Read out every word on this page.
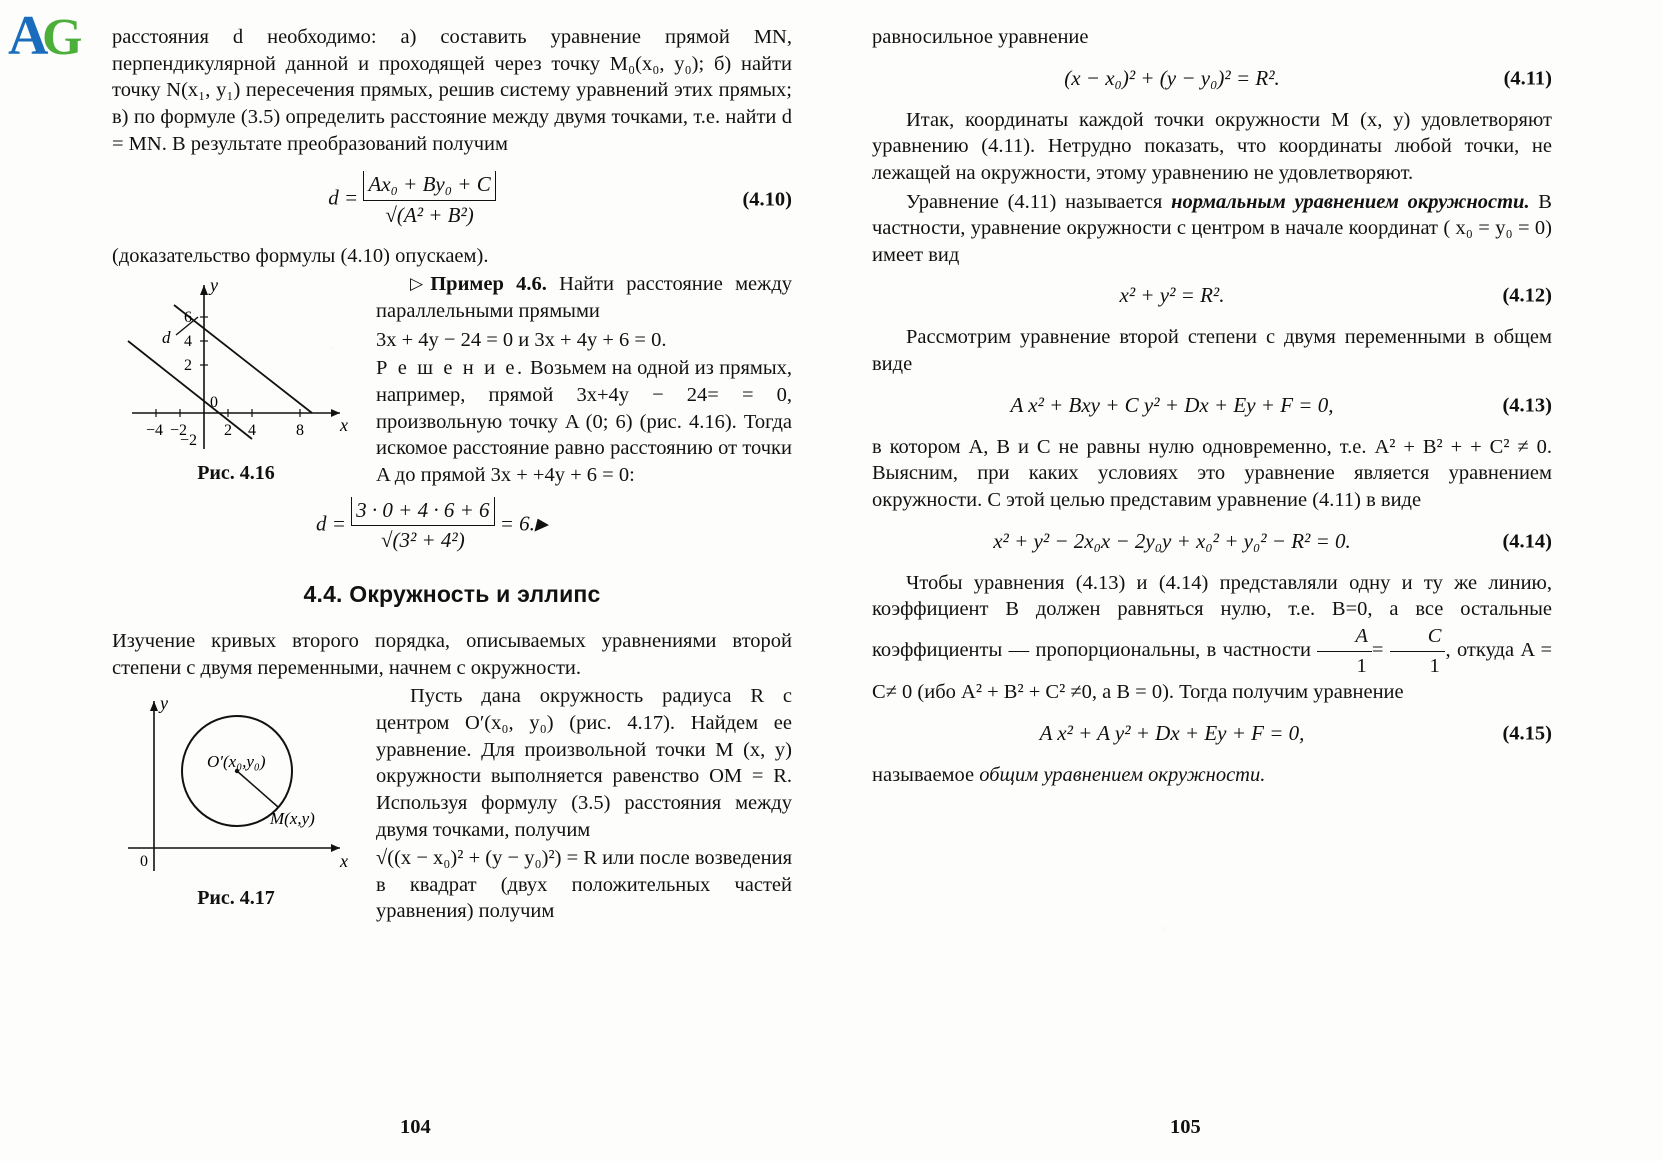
A
G расстояния d необходимо: а) составить уравнение прямой MN, перпендикулярной данной и проходящей через точку M₀(x₀, y₀); б) найти точку N(x₁, y₁) пересечения прямых, решив систему уравнений этих прямых; в) по формуле (3.5) определить расстояние между двумя точками, т.е. найти d = MN. В результате преобразований получим

$d = \frac{\text{Ax₀ + By₀ + C}}{\text{√(A² + B²)}}$	(4.10)

(доказательство формулы (4.10) опускаем).

x
y
−4 −2 2 4	8
6
4
2
−2
0
d
Рис. 4.16

▷Пример 4.6. Найти расстояние между параллельными прямыми

3x + 4y − 24 = 0 и 3x + 4y + 6 = 0.

Р е ш е н и е. Возьмем на одной из прямых, например, прямой 3x+4y − 24= = 0, произвольную точку A (0; 6) (рис. 4.16). Тогда искомое расстояние равно расстоянию от точки A до прямой 3x + +4y + 6 = 0:

$d = \frac{3 \cdot 0 + 4 \cdot 6 + 6}{\text{√(3² + 4²)}}$ = 6.▶
4.4. Окружность и эллипс

Изучение кривых второго порядка, описываемых уравнениями второй степени с двумя переменными, начнем с окружности.

x
y
0
O′(x₀,y₀)
M(x,y)
Рис. 4.17

Пусть дана окружность радиуса R с центром O′(x₀, y₀) (рис. 4.17). Найдем ее уравнение. Для произвольной точки M (x, y) окружности выполняется равенство OM = R. Используя формулу (3.5) расстояния между двумя точками, получим

√((x − x₀)² + (y − y₀)²) = R или после возведения в квадрат (двух положительных частей уравнения) получим

104

равносильное уравнение

(x − x₀)² + (y − y₀)² = R².	(4.11)

Итак, координаты каждой точки окружности M (x, y) удовлетворяют уравнению (4.11). Нетрудно показать, что координаты любой точки, не лежащей на окружности, этому уравнению не удовлетворяют.

Уравнение (4.11) называется нормальным уравнением окружности. В частности, уравнение окружности с центром в начале координат ( x₀ = y₀ = 0) имеет вид

x² + y² = R².	(4.12)

Рассмотрим уравнение второй степени с двумя переменными в общем виде

A x² + Bxy + C y² + Dx + Ey + F = 0,	(4.13)

в котором A, B и C не равны нулю одновременно, т.е. A² + B² + + C² ≠ 0. Выясним, при каких условиях это уравнение является уравнением окружности. С этой целью представим уравнение (4.11) в виде

x² + y² − 2x₀x − 2y₀y + x₀² + y₀² − R² = 0.	(4.14)

Чтобы уравнения (4.13) и (4.14) представляли одну и ту же линию, коэффициент B должен равняться нулю, т.е. B=0, а все остальные коэффициенты — пропорциональны, в частности $\frac{A}{1} = \frac{C}{1}$ , откуда A = C≠ 0 (ибо A² + B² + C² ≠0, а B = 0). Тогда получим уравнение

A x² + A y² + Dx + Ey + F = 0,	(4.15)

называемое общим уравнением окружности.

105
